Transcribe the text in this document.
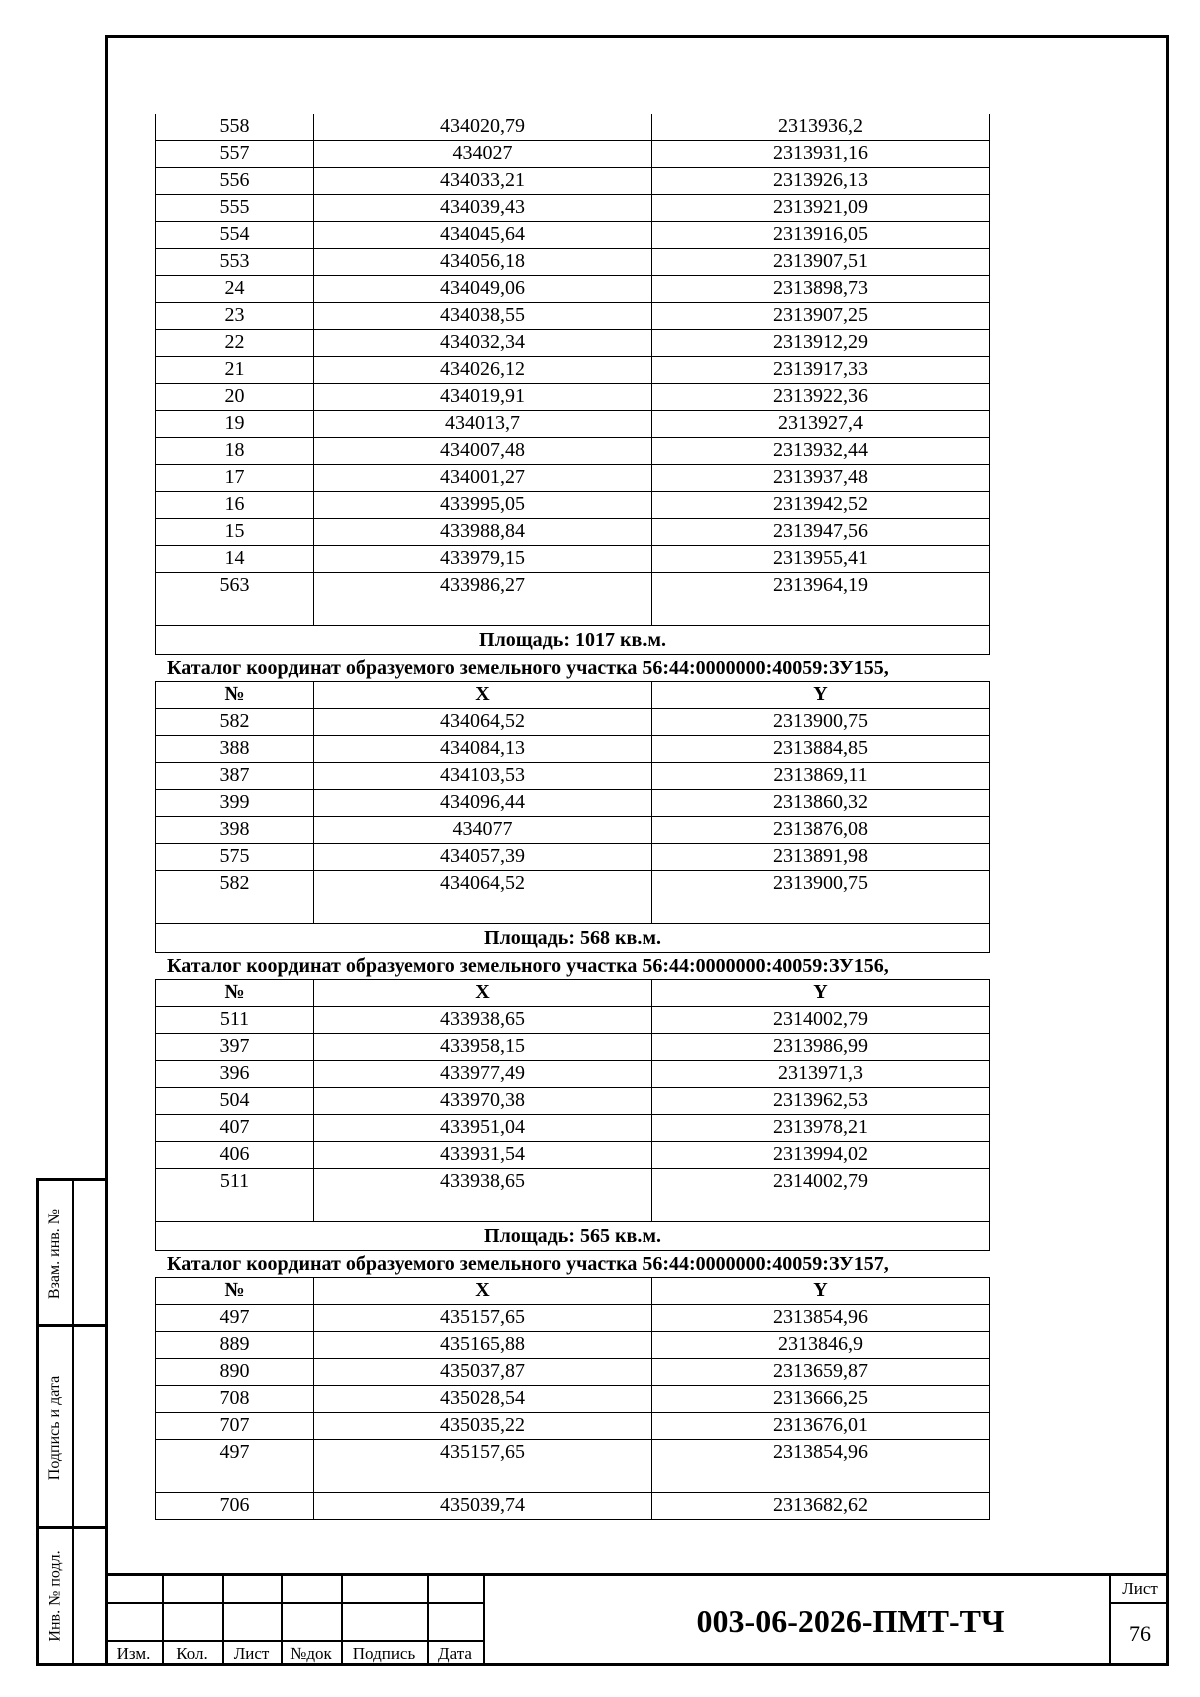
Взам. инв. №
Подпись и дата
Инв. № подл.
558	434020,79	2313936,2
557	434027	2313931,16
556	434033,21	2313926,13
555	434039,43	2313921,09
554	434045,64	2313916,05
553	434056,18	2313907,51
24	434049,06	2313898,73
23	434038,55	2313907,25
22	434032,34	2313912,29
21	434026,12	2313917,33
20	434019,91	2313922,36
19	434013,7	2313927,4
18	434007,48	2313932,44
17	434001,27	2313937,48
16	433995,05	2313942,52
15	433988,84	2313947,56
14	433979,15	2313955,41
563	433986,27	2313964,19
Площадь: 1017 кв.м.		
Каталог координат образуемого земельного участка 56:44:0000000:40059:ЗУ155,
№	X	Y
582	434064,52	2313900,75
388	434084,13	2313884,85
387	434103,53	2313869,11
399	434096,44	2313860,32
398	434077	2313876,08
575	434057,39	2313891,98
582	434064,52	2313900,75
Площадь: 568 кв.м.		
Каталог координат образуемого земельного участка 56:44:0000000:40059:ЗУ156,
№	X	Y
511	433938,65	2314002,79
397	433958,15	2313986,99
396	433977,49	2313971,3
504	433970,38	2313962,53
407	433951,04	2313978,21
406	433931,54	2313994,02
511	433938,65	2314002,79
Площадь: 565 кв.м.		
Каталог координат образуемого земельного участка 56:44:0000000:40059:ЗУ157,
№	X	Y
497	435157,65	2313854,96
889	435165,88	2313846,9
890	435037,87	2313659,87
708	435028,54	2313666,25
707	435035,22	2313676,01
497	435157,65	2313854,96
706	435039,74	2313682,62
Изм.	Кол.	Лист	№док	Подпись	Дата
003-06-2026-ПМТ-ТЧ
Лист
76
